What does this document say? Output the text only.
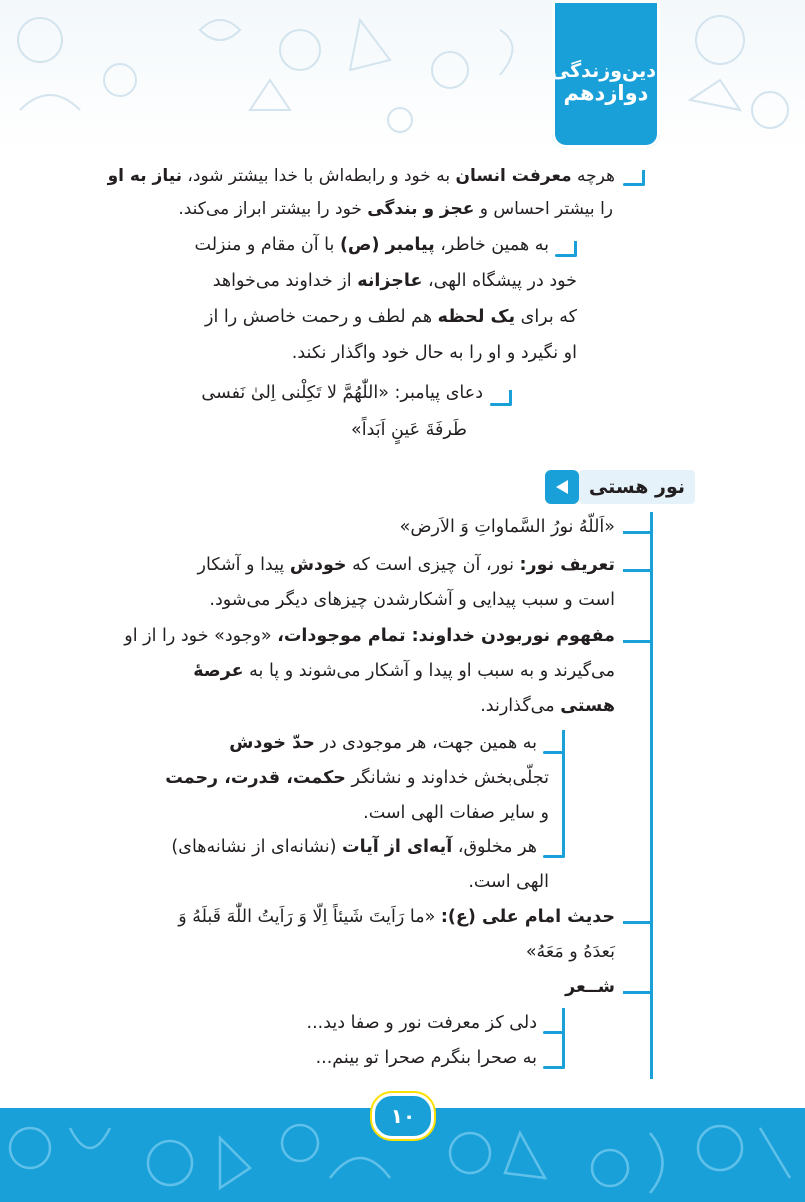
دین‌وزندگی
دوازدهم
هرچه معرفت انسان به خود و رابطه‌اش با خدا بیشتر شود، نیاز به او
را بیشتر احساس و عجز و بندگی خود را بیشتر ابراز می‌کند.
به همین خاطر، پیامبر (ص) با آن مقام و منزلت
خود در پیشگاه الهی، عاجزانه از خداوند می‌خواهد
که برای یک لحظه هم لطف و رحمت خاصش را از
او نگیرد و او را به حال خود واگذار نکند.
دعای پیامبر: «اللّٰهُمَّ لا تَكِلْنی اِلیٰ نَفسی
طَرفَةَ عَینٍ اَبَداً»
نور هستی
«اَللّهُ نورُ السَّماواتِ وَ الاَرض»
تعریف نور: نور، آن چیزی است که خودش پیدا و آشکار
است و سبب پیدایی و آشکارشدن چیزهای دیگر می‌شود.
مفهوم نوربودن خداوند: تمام موجودات، «وجود» خود را از او
می‌گیرند و به سبب او پیدا و آشکار می‌شوند و پا به عرصۀ
هستی می‌گذارند.
به همین جهت، هر موجودی در حدّ خودش
تجلّی‌بخش خداوند و نشانگر حکمت، قدرت، رحمت
و سایر صفات الهی است.
هر مخلوق، آیه‌ای از آیات (نشانه‌ای از نشانه‌های)
الهی است.
حدیث امام علی (ع): «ما رَاَیتَ شَیئاً اِلّا وَ رَاَیتُ اللّٰهَ قَبلَهُ وَ
بَعدَهُ و مَعَهُ»
شــعر
دلی کز معرفت نور و صفا دید...
به صحرا بنگرم صحرا تو بینم...
۱۰
